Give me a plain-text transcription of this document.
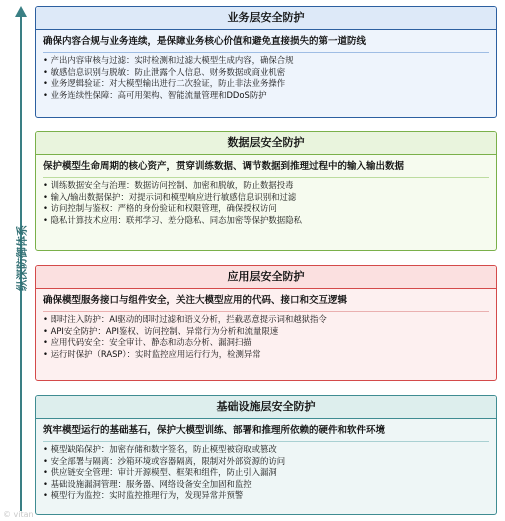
纵深防御体系
业务层安全防护
确保内容合规与业务连续，是保障业务核心价值和避免直接损失的第一道防线
• 产出内容审核与过滤：实时检测和过滤大模型生成内容，确保合规
• 敏感信息识别与脱敏：防止泄露个人信息、财务数据或商业机密
• 业务逻辑验证：对大模型输出进行二次验证，防止非法业务操作
• 业务连续性保障：高可用架构、智能流量管理和DDoS防护
数据层安全防护
保护模型生命周期的核心资产，贯穿训练数据、调节数据到推理过程中的输入输出数据
• 训练数据安全与治理：数据访问控制、加密和脱敏，防止数据投毒
• 输入/输出数据保护：对提示词和模型响应进行敏感信息识别和过滤
• 访问控制与鉴权：严格的身份验证和权限管理，确保授权访问
• 隐私计算技术应用：联邦学习、差分隐私、同态加密等保护数据隐私
应用层安全防护
确保模型服务接口与组件安全，关注大模型应用的代码、接口和交互逻辑
• 即时注入防护：AI驱动的即时过滤和语义分析，拦截恶意提示词和越狱指令
• API安全防护：API鉴权、访问控制、异常行为分析和流量限速
• 应用代码安全：安全审计、静态和动态分析、漏洞扫描
• 运行时保护（RASP）：实时监控应用运行行为，检测异常
基础设施层安全防护
筑牢模型运行的基础基石，保护大模型训练、部署和推理所依赖的硬件和软件环境
• 模型缺陷保护：加密存储和数字签名，防止模型被窃取或篡改
• 安全部署与隔离：沙箱环境或容器隔离，限制对外部资源的访问
• 供应链安全管理：审计开源模型、框架和组件，防止引入漏洞
• 基础设施漏洞管理：服务器、网络设备安全加固和监控
• 模型行为监控：实时监控推理行为，发现异常并预警
© vitan
